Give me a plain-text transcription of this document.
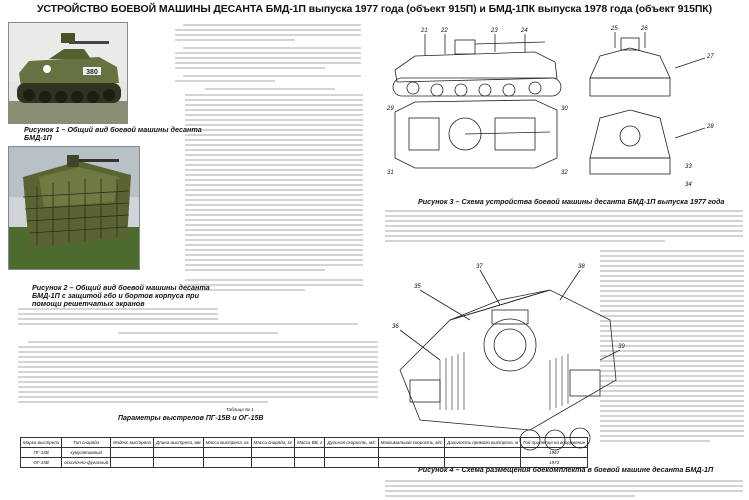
УСТРОЙСТВО БОЕВОЙ МАШИНЫ ДЕСАНТА БМД-1П выпуска 1977 года (объект 915П) и БМД-1ПК выпуска 1978 года (объект 915ПК)
380
Рисунок 1 – Общий вид боевой машины десанта БМД-1П
Рисунок 2 – Общий вид боевой машины десанта БМД-1П с защитой гбо и бортов корпуса при помощи решетчатых экранов
Таблица № 1
Параметры выстрелов ПГ-15В и ОГ-15В
Марка выстрела	Тип снаряда	Индекс выстрела	Длина выстрела, мм	Масса выстрела, кг	Масса снаряда, кг	Масса ВВ, г	Дульная скорость, м/с	Максимальная скорость, м/с	Дальность прямого выстрела, м	Год принятия на вооружение
ПГ-15В	кумулятивный									1967
ОГ-15В	осколочно-фугасный									1973
21 22	23	24	25	26
27
28
29	30
31	32
33
34
Рисунок 3 – Схема устройства боевой машины десанта БМД-1П выпуска 1977 года
35
36
37	38
39
Рисунок 4 – Схема размещения боекомплекта в боевой машине десанта БМД-1П
